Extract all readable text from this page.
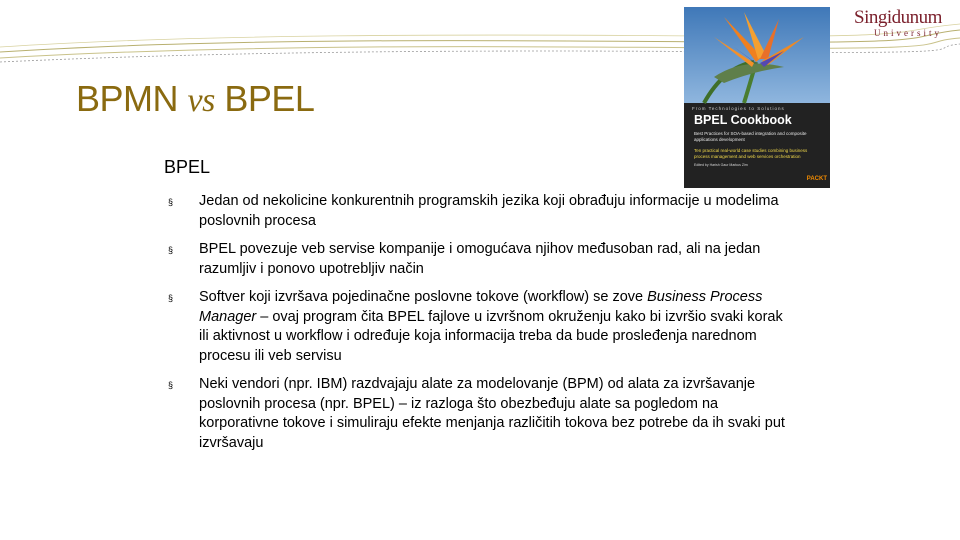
Singidunum
University
BPMN vs BPEL	From Technologies to Solutions
BPEL Cookbook
Best Practices for SOA-based integration and composite applications development
Ten practical real-world case studies combining business process management and web services orchestration
Edited by Harish Gaur Markus Zirn
PACKT
BPEL
§ Jedan od nekolicine konkurentnih programskih jezika koji obrađuju informacije u modelima poslovnih procesa
§ BPEL povezuje veb servise kompanije i omogućava njihov međusoban rad, ali na jedan razumljiv i ponovo upotrebljiv način
§ Softver koji izvršava pojedinačne poslovne tokove (workflow) se zove Business Process Manager – ovaj program čita BPEL fajlove u izvršnom okruženju kako bi izvršio svaki korak ili aktivnost u workflow i određuje koja informacija treba da bude prosleđenja narednom procesu ili veb servisu
§ Neki vendori (npr. IBM) razdvajaju alate za modelovanje (BPM) od alata za izvršavanje poslovnih procesa (npr. BPEL) – iz razloga što obezbeđuju alate sa pogledom na korporativne tokove i simuliraju efekte menjanja različitih tokova bez potrebe da ih svaki put izvršavaju
